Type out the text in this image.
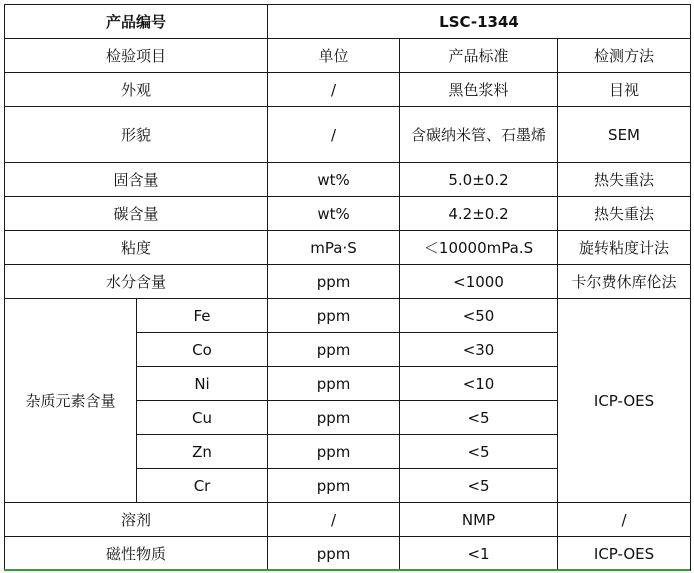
产品编号		LSC-1344		
检验项目		单位	产品标准	检测方法
外观		/	黑色浆料	目视
形貌		/	含碳纳米管、石墨烯	SEM
固含量		wt%	5.0±0.2	热失重法
碳含量		wt%	4.2±0.2	热失重法
粘度		mPa·S	＜10000mPa.S	旋转粘度计法
水分含量		ppm	<1000	卡尔费休库伦法
杂质元素含量	Fe	ppm	<50	ICP-OES
	Co	ppm	<30	
	Ni	ppm	<10	
	Cu	ppm	<5	
	Zn	ppm	<5	
	Cr	ppm	<5	
溶剂		/	NMP	/
磁性物质		ppm	<1	ICP-OES
